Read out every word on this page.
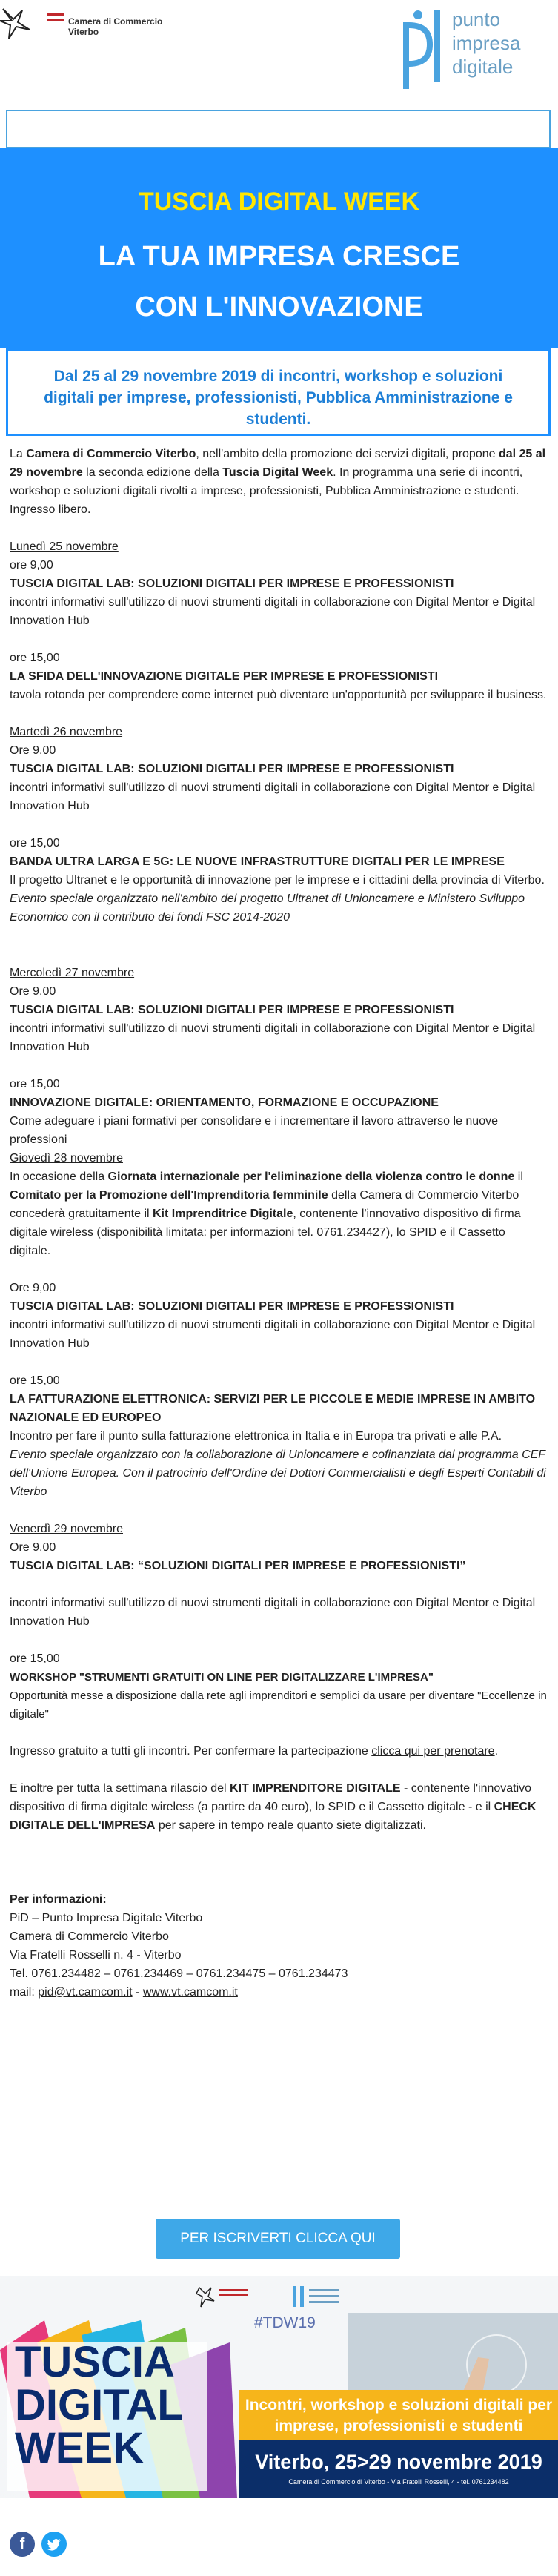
Camera di Commercio
Viterbo
punto
impresa
digitale
TUSCIA DIGITAL WEEK
LA TUA IMPRESA CRESCE
CON L'INNOVAZIONE
Dal 25 al 29 novembre 2019 di incontri, workshop e soluzioni digitali per imprese, professionisti, Pubblica Amministrazione e studenti.

La Camera di Commercio Viterbo, nell'ambito della promozione dei servizi digitali, propone dal 25 al 29 novembre la seconda edizione della Tuscia Digital Week. In programma una serie di incontri, workshop e soluzioni digitali rivolti a imprese, professionisti, Pubblica Amministrazione e studenti. Ingresso libero.

Lunedì 25 novembre

ore 9,00

TUSCIA DIGITAL LAB: SOLUZIONI DIGITALI PER IMPRESE E PROFESSIONISTI

incontri informativi sull'utilizzo di nuovi strumenti digitali in collaborazione con Digital Mentor e Digital Innovation Hub

ore 15,00

LA SFIDA DELL'INNOVAZIONE DIGITALE PER IMPRESE E PROFESSIONISTI

tavola rotonda per comprendere come internet può diventare un'opportunità per sviluppare il business.

Martedì 26 novembre

Ore 9,00

TUSCIA DIGITAL LAB: SOLUZIONI DIGITALI PER IMPRESE E PROFESSIONISTI

incontri informativi sull'utilizzo di nuovi strumenti digitali in collaborazione con Digital Mentor e Digital Innovation Hub

ore 15,00

BANDA ULTRA LARGA E 5G: LE NUOVE INFRASTRUTTURE DIGITALI PER LE IMPRESE

Il progetto Ultranet e le opportunità di innovazione per le imprese e i cittadini della provincia di Viterbo.

Evento speciale organizzato nell'ambito del progetto Ultranet di Unioncamere e Ministero Sviluppo Economico con il contributo dei fondi FSC 2014-2020

Mercoledì 27 novembre

Ore 9,00

TUSCIA DIGITAL LAB: SOLUZIONI DIGITALI PER IMPRESE E PROFESSIONISTI

incontri informativi sull'utilizzo di nuovi strumenti digitali in collaborazione con Digital Mentor e Digital Innovation Hub

ore 15,00

INNOVAZIONE DIGITALE: ORIENTAMENTO, FORMAZIONE E OCCUPAZIONE

Come adeguare i piani formativi per consolidare e i incrementare il lavoro attraverso le nuove professioni

Giovedì 28 novembre

In occasione della Giornata internazionale per l'eliminazione della violenza contro le donne il Comitato per la Promozione dell'Imprenditoria femminile della Camera di Commercio Viterbo concederà gratuitamente il Kit Imprenditrice Digitale, contenente l'innovativo dispositivo di firma digitale wireless (disponibilità limitata: per informazioni tel. 0761.234427), lo SPID e il Cassetto digitale.

Ore 9,00

TUSCIA DIGITAL LAB: SOLUZIONI DIGITALI PER IMPRESE E PROFESSIONISTI

incontri informativi sull'utilizzo di nuovi strumenti digitali in collaborazione con Digital Mentor e Digital Innovation Hub

ore 15,00

LA FATTURAZIONE ELETTRONICA: SERVIZI PER LE PICCOLE E MEDIE IMPRESE IN AMBITO NAZIONALE ED EUROPEO

Incontro per fare il punto sulla fatturazione elettronica in Italia e in Europa tra privati e alle P.A.

Evento speciale organizzato con la collaborazione di Unioncamere e cofinanziata dal programma CEF dell'Unione Europea. Con il patrocinio dell'Ordine dei Dottori Commercialisti e degli Esperti Contabili di Viterbo

Venerdì 29 novembre

Ore 9,00

TUSCIA DIGITAL LAB: “SOLUZIONI DIGITALI PER IMPRESE E PROFESSIONISTI”

incontri informativi sull'utilizzo di nuovi strumenti digitali in collaborazione con Digital Mentor e Digital Innovation Hub

ore 15,00

WORKSHOP "STRUMENTI GRATUITI ON LINE PER DIGITALIZZARE L'IMPRESA"

Opportunità messe a disposizione dalla rete agli imprenditori e semplici da usare per diventare "Eccellenze in digitale"

Ingresso gratuito a tutti gli incontri. Per confermare la partecipazione clicca qui per prenotare.

E inoltre per tutta la settimana rilascio del KIT IMPRENDITORE DIGITALE - contenente l'innovativo dispositivo di firma digitale wireless (a partire da 40 euro), lo SPID e il Cassetto digitale - e il CHECK DIGITALE DELL'IMPRESA per sapere in tempo reale quanto siete digitalizzati.

Per informazioni:

PiD – Punto Impresa Digitale Viterbo

Camera di Commercio Viterbo

Via Fratelli Rosselli n. 4 - Viterbo

Tel. 0761.234482 – 0761.234469 – 0761.234475 – 0761.234473

mail: pid@vt.camcom.it - www.vt.camcom.it

PER ISCRIVERTI CLICCA QUI
TUSCIA
DIGITAL
WEEK
#TDW19
Incontri, workshop e soluzioni digitali per imprese, professionisti e studenti
Viterbo, 25>29 novembre 2019
Camera di Commercio di Viterbo - Via Fratelli Rosselli, 4 - tel. 0761234482
f
